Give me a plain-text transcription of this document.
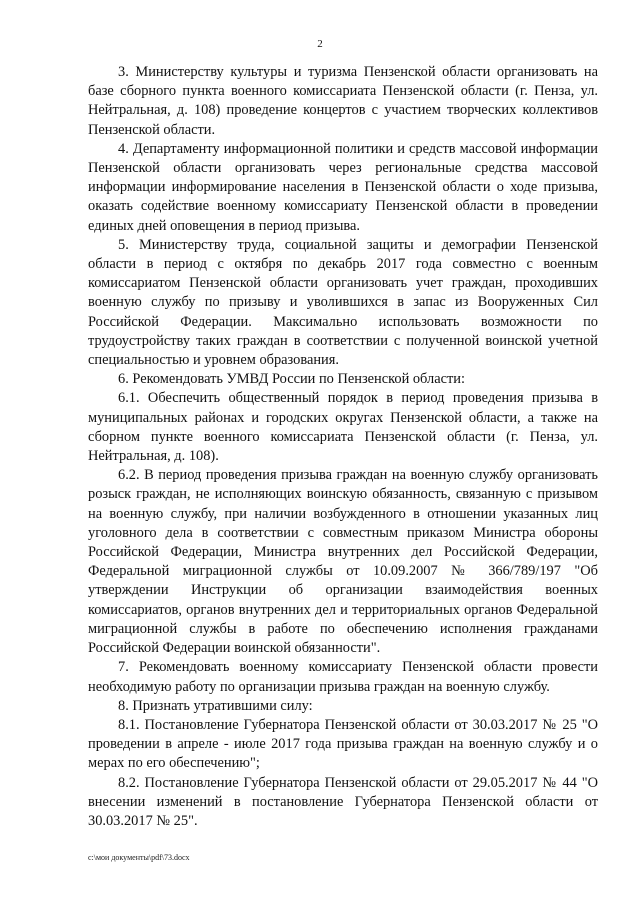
2

3. Министерству культуры и туризма Пензенской области организовать на базе сборного пункта военного комиссариата Пензенской области (г. Пенза, ул. Нейтральная, д. 108) проведение концертов с участием творческих коллективов Пензенской области.

4. Департаменту информационной политики и средств массовой информации Пензенской области организовать через региональные средства массовой информации информирование населения в Пензенской области о ходе призыва, оказать содействие военному комиссариату Пензенской области в проведении единых дней оповещения в период призыва.

5. Министерству труда, социальной защиты и демографии Пензенской области в период с октября по декабрь 2017 года совместно с военным комиссариатом Пензенской области организовать учет граждан, проходивших военную службу по призыву и уволившихся в запас из Вооруженных Сил Российской Федерации. Максимально использовать возможности по трудоустройству таких граждан в соответствии с полученной воинской учетной специальностью и уровнем образования.

6. Рекомендовать УМВД России по Пензенской области:

6.1. Обеспечить общественный порядок в период проведения призыва в муниципальных районах и городских округах Пензенской области, а также на сборном пункте военного комиссариата Пензенской области (г. Пенза, ул. Нейтральная, д. 108).

6.2. В период проведения призыва граждан на военную службу организовать розыск граждан, не исполняющих воинскую обязанность, связанную с призывом на военную службу, при наличии возбужденного в отношении указанных лиц уголовного дела в соответствии с совместным приказом Министра обороны Российской Федерации, Министра внутренних дел Российской Федерации, Федеральной миграционной службы от 10.09.2007 № 366/789/197 "Об утверждении Инструкции об организации взаимодействия военных комиссариатов, органов внутренних дел и территориальных органов Федеральной миграционной службы в работе по обеспечению исполнения гражданами Российской Федерации воинской обязанности".

7. Рекомендовать военному комиссариату Пензенской области провести необходимую работу по организации призыва граждан на военную службу.

8. Признать утратившими силу:

8.1. Постановление Губернатора Пензенской области от 30.03.2017 № 25 "О проведении в апреле - июле 2017 года призыва граждан на военную службу и о мерах по его обеспечению";

8.2. Постановление Губернатора Пензенской области от 29.05.2017 № 44 "О внесении изменений в постановление Губернатора Пензенской области от 30.03.2017 № 25".

c:\мои документы\pdf\73.docx
